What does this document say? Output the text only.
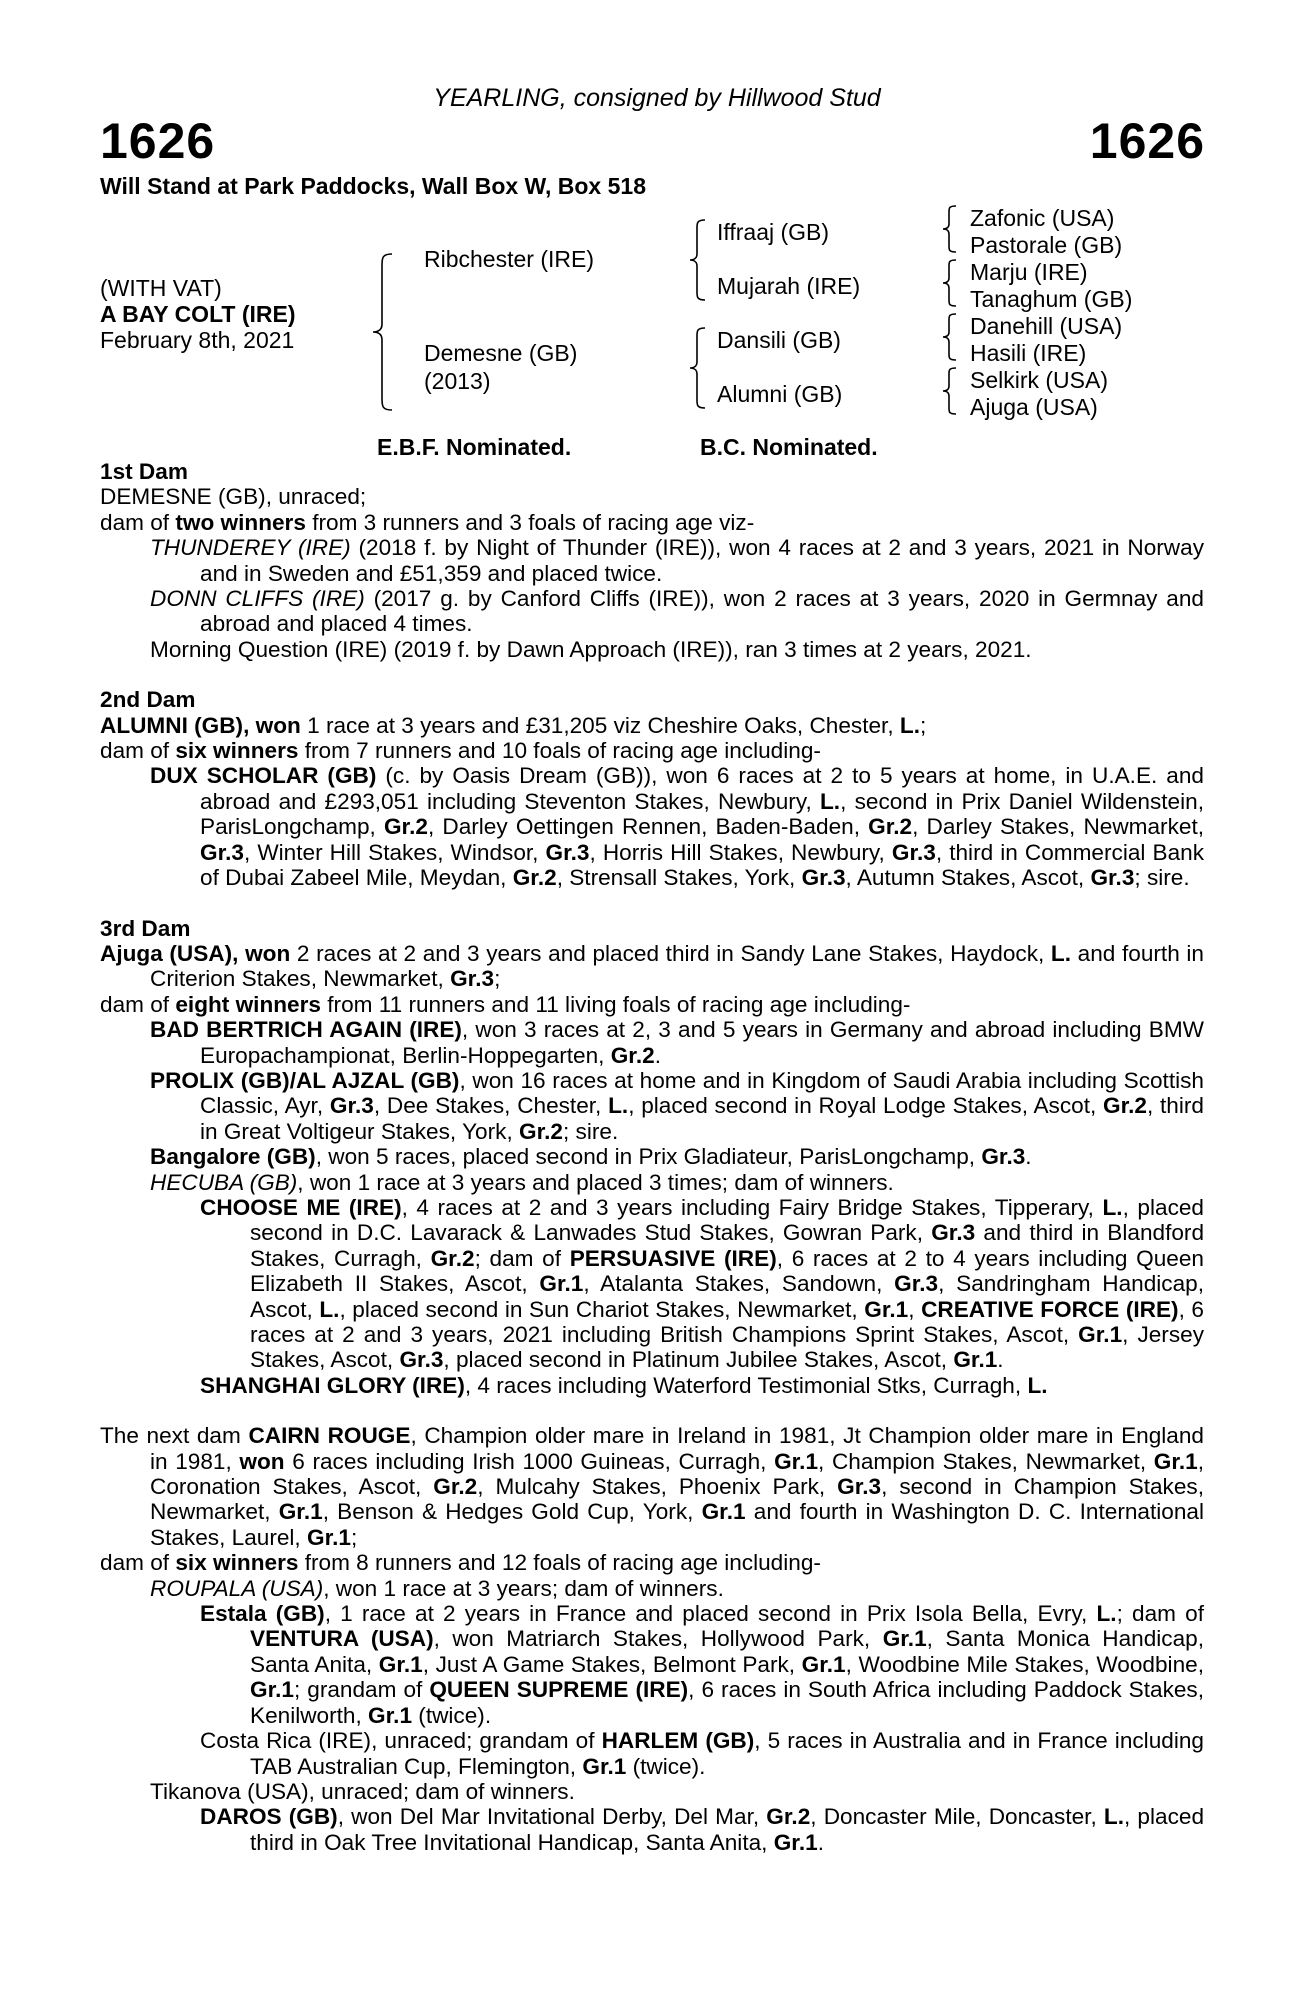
YEARLING, consigned by Hillwood Stud
1626	1626
Will Stand at Park Paddocks, Wall Box W, Box 518
(WITH VAT)
A BAY COLT (IRE)
February 8th, 2021
Ribchester (IRE)
Demesne (GB)
(2013)
Iffraaj (GB)
Mujarah (IRE)
Dansili (GB)
Alumni (GB)
Zafonic (USA)
Pastorale (GB)
Marju (IRE)
Tanaghum (GB)
Danehill (USA)
Hasili (IRE)
Selkirk (USA)
Ajuga (USA)
E.B.F. Nominated.	B.C. Nominated.
1st Dam
DEMESNE (GB), unraced;
dam of two winners from 3 runners and 3 foals of racing age viz-
THUNDEREY (IRE) (2018 f. by Night of Thunder (IRE)), won 4 races at 2 and 3 years, 2021 in Norway and in Sweden and £51,359 and placed twice.
DONN CLIFFS (IRE) (2017 g. by Canford Cliffs (IRE)), won 2 races at 3 years, 2020 in Germnay and abroad and placed 4 times.
Morning Question (IRE) (2019 f. by Dawn Approach (IRE)), ran 3 times at 2 years, 2021.
2nd Dam
ALUMNI (GB), won 1 race at 3 years and £31,205 viz Cheshire Oaks, Chester, L.;
dam of six winners from 7 runners and 10 foals of racing age including-
DUX SCHOLAR (GB) (c. by Oasis Dream (GB)), won 6 races at 2 to 5 years at home, in U.A.E. and abroad and £293,051 including Steventon Stakes, Newbury, L., second in Prix Daniel Wildenstein, ParisLongchamp, Gr.2, Darley Oettingen Rennen, Baden-Baden, Gr.2, Darley Stakes, Newmarket, Gr.3, Winter Hill Stakes, Windsor, Gr.3, Horris Hill Stakes, Newbury, Gr.3, third in Commercial Bank of Dubai Zabeel Mile, Meydan, Gr.2, Strensall Stakes, York, Gr.3, Autumn Stakes, Ascot, Gr.3; sire.
3rd Dam
Ajuga (USA), won 2 races at 2 and 3 years and placed third in Sandy Lane Stakes, Haydock, L. and fourth in Criterion Stakes, Newmarket, Gr.3;
dam of eight winners from 11 runners and 11 living foals of racing age including-
BAD BERTRICH AGAIN (IRE), won 3 races at 2, 3 and 5 years in Germany and abroad including BMW Europachampionat, Berlin-Hoppegarten, Gr.2.
PROLIX (GB)/AL AJZAL (GB), won 16 races at home and in Kingdom of Saudi Arabia including Scottish Classic, Ayr, Gr.3, Dee Stakes, Chester, L., placed second in Royal Lodge Stakes, Ascot, Gr.2, third in Great Voltigeur Stakes, York, Gr.2; sire.
Bangalore (GB), won 5 races, placed second in Prix Gladiateur, ParisLongchamp, Gr.3.
HECUBA (GB), won 1 race at 3 years and placed 3 times; dam of winners.
CHOOSE ME (IRE), 4 races at 2 and 3 years including Fairy Bridge Stakes, Tipperary, L., placed second in D.C. Lavarack & Lanwades Stud Stakes, Gowran Park, Gr.3 and third in Blandford Stakes, Curragh, Gr.2; dam of PERSUASIVE (IRE), 6 races at 2 to 4 years including Queen Elizabeth II Stakes, Ascot, Gr.1, Atalanta Stakes, Sandown, Gr.3, Sandringham Handicap, Ascot, L., placed second in Sun Chariot Stakes, Newmarket, Gr.1, CREATIVE FORCE (IRE), 6 races at 2 and 3 years, 2021 including British Champions Sprint Stakes, Ascot, Gr.1, Jersey Stakes, Ascot, Gr.3, placed second in Platinum Jubilee Stakes, Ascot, Gr.1.
SHANGHAI GLORY (IRE), 4 races including Waterford Testimonial Stks, Curragh, L.
The next dam CAIRN ROUGE, Champion older mare in Ireland in 1981, Jt Champion older mare in England in 1981, won 6 races including Irish 1000 Guineas, Curragh, Gr.1, Champion Stakes, Newmarket, Gr.1, Coronation Stakes, Ascot, Gr.2, Mulcahy Stakes, Phoenix Park, Gr.3, second in Champion Stakes, Newmarket, Gr.1, Benson & Hedges Gold Cup, York, Gr.1 and fourth in Washington D. C. International Stakes, Laurel, Gr.1;
dam of six winners from 8 runners and 12 foals of racing age including-
ROUPALA (USA), won 1 race at 3 years; dam of winners.
Estala (GB), 1 race at 2 years in France and placed second in Prix Isola Bella, Evry, L.; dam of VENTURA (USA), won Matriarch Stakes, Hollywood Park, Gr.1, Santa Monica Handicap, Santa Anita, Gr.1, Just A Game Stakes, Belmont Park, Gr.1, Woodbine Mile Stakes, Woodbine, Gr.1; grandam of QUEEN SUPREME (IRE), 6 races in South Africa including Paddock Stakes, Kenilworth, Gr.1 (twice).
Costa Rica (IRE), unraced; grandam of HARLEM (GB), 5 races in Australia and in France including TAB Australian Cup, Flemington, Gr.1 (twice).
Tikanova (USA), unraced; dam of winners.
DAROS (GB), won Del Mar Invitational Derby, Del Mar, Gr.2, Doncaster Mile, Doncaster, L., placed third in Oak Tree Invitational Handicap, Santa Anita, Gr.1.
